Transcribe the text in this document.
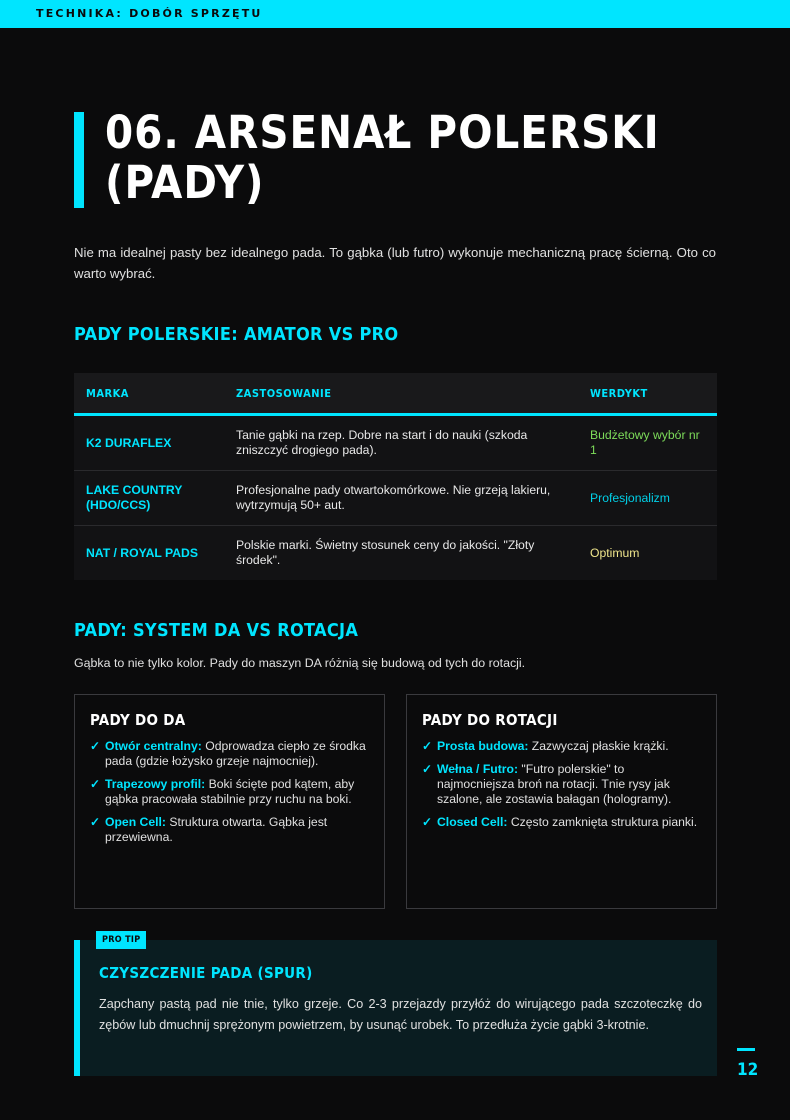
TECHNIKA: DOBÓR SPRZĘTU
06. ARSENAŁ POLERSKI (PADY)
Nie ma idealnej pasty bez idealnego pada. To gąbka (lub futro) wykonuje mechaniczną pracę ścierną. Oto co warto wybrać.
PADY POLERSKIE: AMATOR VS PRO
MARKA	ZASTOSOWANIE	WERDYKT
K2 DURAFLEX	Tanie gąbki na rzep. Dobre na start i do nauki (szkoda zniszczyć drogiego pada).	Budżetowy wybór nr 1
LAKE COUNTRY (HDO/CCS)	Profesjonalne pady otwartokomórkowe. Nie grzeją lakieru, wytrzymują 50+ aut.	Profesjonalizm
NAT / ROYAL PADS	Polskie marki. Świetny stosunek ceny do jakości. "Złoty środek".	Optimum
PADY: SYSTEM DA VS ROTACJA
Gąbka to nie tylko kolor. Pady do maszyn DA różnią się budową od tych do rotacji.
PADY DO DA
✓ Otwór centralny: Odprowadza ciepło ze środka pada (gdzie łożysko grzeje najmocniej).
✓ Trapezowy profil: Boki ścięte pod kątem, aby gąbka pracowała stabilnie przy ruchu na boki.
✓ Open Cell: Struktura otwarta. Gąbka jest przewiewna.
PADY DO ROTACJI
✓ Prosta budowa: Zazwyczaj płaskie krążki.
✓ Wełna / Futro: "Futro polerskie" to najmocniejsza broń na rotacji. Tnie rysy jak szalone, ale zostawia bałagan (hologramy).
✓ Closed Cell: Często zamknięta struktura pianki.
PRO TIP
CZYSZCZENIE PADA (SPUR)
Zapchany pastą pad nie tnie, tylko grzeje. Co 2-3 przejazdy przyłóż do wirującego pada szczoteczkę do zębów lub dmuchnij sprężonym powietrzem, by usunąć urobek. To przedłuża życie gąbki 3-krotnie.
12
